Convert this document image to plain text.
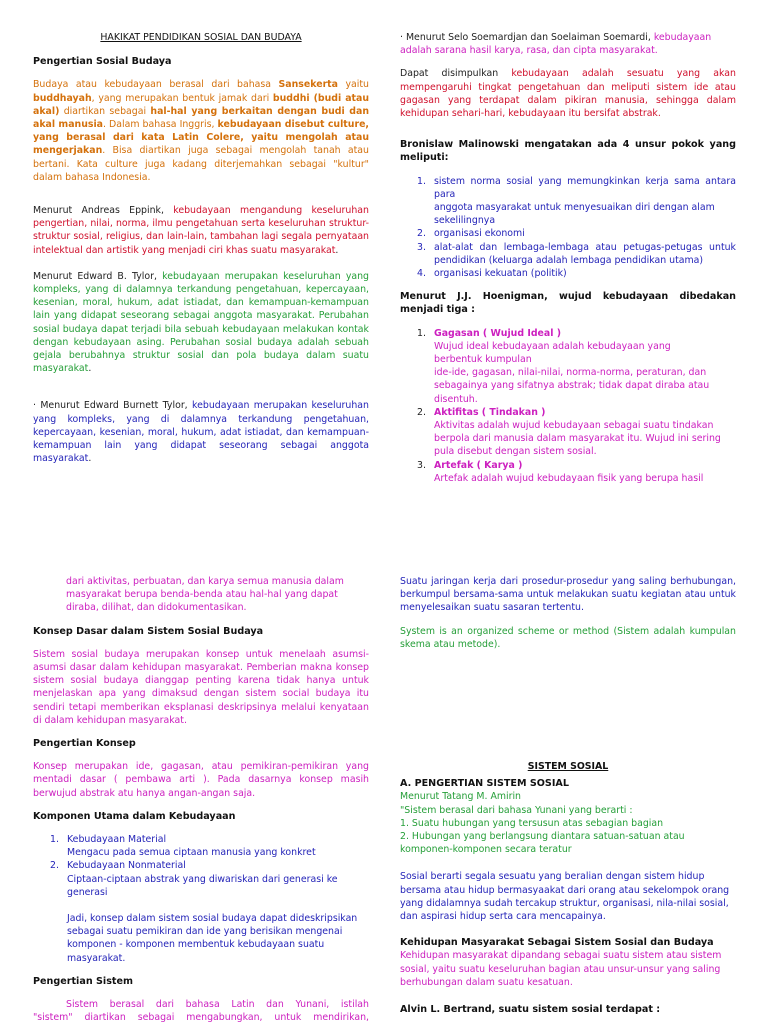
HAKIKAT PENDIDIKAN SOSIAL DAN BUDAYA

Pengertian Sosial Budaya

Budaya atau kebudayaan berasal dari bahasa Sansekerta yaitu buddhayah, yang merupakan bentuk jamak dari buddhi (budi atau akal) diartikan sebagai hal-hal yang berkaitan dengan budi dan akal manusia. Dalam bahasa Inggris, kebudayaan disebut culture, yang berasal dari kata Latin Colere, yaitu mengolah atau mengerjakan. Bisa diartikan juga sebagai mengolah tanah atau bertani. Kata culture juga kadang diterjemahkan sebagai "kultur" dalam bahasa Indonesia.

Menurut Andreas Eppink, kebudayaan mengandung keseluruhan pengertian, nilai, norma, ilmu pengetahuan serta keseluruhan struktur-struktur sosial, religius, dan lain-lain, tambahan lagi segala pernyataan intelektual dan artistik yang menjadi ciri khas suatu masyarakat.

Menurut Edward B. Tylor, kebudayaan merupakan keseluruhan yang kompleks, yang di dalamnya terkandung pengetahuan, kepercayaan, kesenian, moral, hukum, adat istiadat, dan kemampuan-kemampuan lain yang didapat seseorang sebagai anggota masyarakat. Perubahan sosial budaya dapat terjadi bila sebuah kebudayaan melakukan kontak dengan kebudayaan asing. Perubahan sosial budaya adalah sebuah gejala berubahnya struktur sosial dan pola budaya dalam suatu masyarakat.

· Menurut Edward Burnett Tylor, kebudayaan merupakan keseluruhan yang kompleks, yang di dalamnya terkandung pengetahuan, kepercayaan, kesenian, moral, hukum, adat istiadat, dan kemampuan-kemampuan lain yang didapat seseorang sebagai anggota masyarakat.

· Menurut Selo Soemardjan dan Soelaiman Soemardi, kebudayaan adalah sarana hasil karya, rasa, dan cipta masyarakat.

Dapat disimpulkan kebudayaan adalah sesuatu yang akan mempengaruhi tingkat pengetahuan dan meliputi sistem ide atau gagasan yang terdapat dalam pikiran manusia, sehingga dalam kehidupan sehari-hari, kebudayaan itu bersifat abstrak.

Bronislaw Malinowski mengatakan ada 4 unsur pokok yang meliputi:

1. sistem norma sosial yang memungkinkan kerja sama antara para

anggota masyarakat untuk menyesuaikan diri dengan alam sekelilingnya

2. organisasi ekonomi

3. alat-alat dan lembaga-lembaga atau petugas-petugas untuk pendidikan (keluarga adalah lembaga pendidikan utama)

4. organisasi kekuatan (politik)

Menurut J.J. Hoenigman, wujud kebudayaan dibedakan menjadi tiga :

1. Gagasan ( Wujud Ideal )

Wujud ideal kebudayaan adalah kebudayaan yang berbentuk kumpulan

ide-ide, gagasan, nilai-nilai, norma-norma, peraturan, dan sebagainya yang sifatnya abstrak; tidak dapat diraba atau disentuh.

2. Aktifitas ( Tindakan )

Aktivitas adalah wujud kebudayaan sebagai suatu tindakan berpola dari manusia dalam masyarakat itu. Wujud ini sering pula disebut dengan sistem sosial.

3. Artefak ( Karya )

Artefak adalah wujud kebudayaan fisik yang berupa hasil

dari aktivitas, perbuatan, dan karya semua manusia dalam masyarakat berupa benda-benda atau hal-hal yang dapat diraba, dilihat, dan didokumentasikan.

Konsep Dasar dalam Sistem Sosial Budaya

Sistem sosial budaya merupakan konsep untuk menelaah asumsi-asumsi dasar dalam kehidupan masyarakat. Pemberian makna konsep sistem sosial budaya dianggap penting karena tidak hanya untuk menjelaskan apa yang dimaksud dengan sistem social budaya itu sendiri tetapi memberikan eksplanasi deskripsinya melalui kenyataan di dalam kehidupan masyarakat.

Pengertian Konsep

Konsep merupakan ide, gagasan, atau pemikiran-pemikiran yang mentadi dasar ( pembawa arti ). Pada dasarnya konsep masih berwujud abstrak atu hanya angan-angan saja.

Komponen Utama dalam Kebudayaan

1. Kebudayaan Material

Mengacu pada semua ciptaan manusia yang konkret

2. Kebudayaan Nonmaterial

Ciptaan-ciptaan abstrak yang diwariskan dari generasi ke generasi

Jadi, konsep dalam sistem sosial budaya dapat dideskripsikan sebagai suatu pemikiran dan ide yang berisikan mengenai komponen - komponen membentuk kebudayaan suatu masyarakat.

Pengertian Sistem

Sistem berasal dari bahasa Latin dan Yunani, istilah

"sistem" diartikan sebagai mengabungkan, untuk mendirikan,

Suatu jaringan kerja dari prosedur-prosedur yang saling berhubungan, berkumpul bersama-sama untuk melakukan suatu kegiatan atau untuk menyelesaikan suatu sasaran tertentu.

System is an organized scheme or method (Sistem adalah kumpulan skema atau metode).

SISTEM SOSIAL

A. PENGERTIAN SISTEM SOSIAL

Menurut Tatang M. Amirin

"Sistem berasal dari bahasa Yunani yang berarti :

1. Suatu hubungan yang tersusun atas sebagian bagian

2. Hubungan yang berlangsung diantara satuan-satuan atau komponen-komponen secara teratur

Sosial berarti segala sesuatu yang beralian dengan sistem hidup bersama atau hidup bermasyaakat dari orang atau sekelompok orang yang didalamnya sudah tercakup struktur, organisasi, nila-nilai sosial, dan aspirasi hidup serta cara mencapainya.

Kehidupan Masyarakat Sebagai Sistem Sosial dan Budaya

Kehidupan masyarakat dipandang sebagai suatu sistem atau sistem sosial, yaitu suatu keseluruhan bagian atau unsur-unsur yang saling berhubungan dalam suatu kesatuan.

Alvin L. Bertrand, suatu sistem sosial terdapat :
